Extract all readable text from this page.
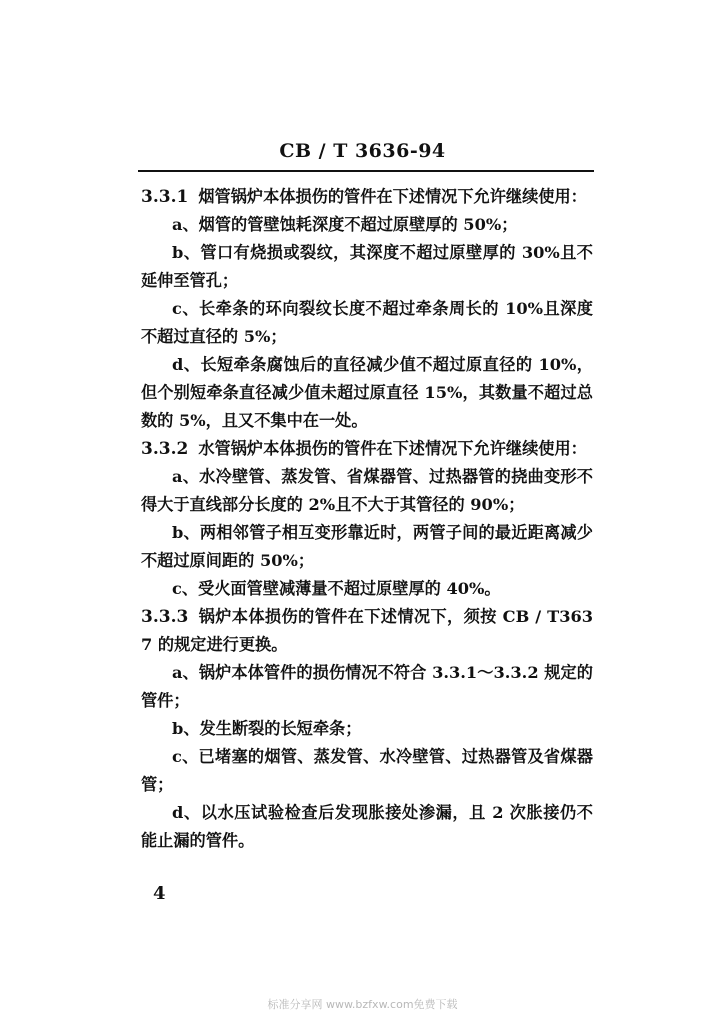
CB / T 3636-94

3.3.1 烟管锅炉本体损伤的管件在下述情况下允许继续使用：

a、烟管的管壁蚀耗深度不超过原壁厚的 50%；

b、管口有烧损或裂纹，其深度不超过原壁厚的 30%且不延伸至管孔；

c、长牵条的环向裂纹长度不超过牵条周长的 10%且深度不超过直径的 5%；

d、长短牵条腐蚀后的直径减少值不超过原直径的 10%，但个别短牵条直径减少值未超过原直径 15%，其数量不超过总数的 5%，且又不集中在一处。

3.3.2 水管锅炉本体损伤的管件在下述情况下允许继续使用：

a、水冷壁管、蒸发管、省煤器管、过热器管的挠曲变形不得大于直线部分长度的 2%且不大于其管径的 90%；

b、两相邻管子相互变形靠近时，两管子间的最近距离减少不超过原间距的 50%；

c、受火面管壁减薄量不超过原壁厚的 40%。

3.3.3 锅炉本体损伤的管件在下述情况下，须按 CB / T3637 的规定进行更换。

a、锅炉本体管件的损伤情况不符合 3.3.1～3.3.2 规定的管件；

b、发生断裂的长短牵条；

c、已堵塞的烟管、蒸发管、水冷壁管、过热器管及省煤器管；

d、以水压试验检查后发现胀接处渗漏，且 2 次胀接仍不能止漏的管件。

4
标准分享网 www.bzfxw.com免费下载
